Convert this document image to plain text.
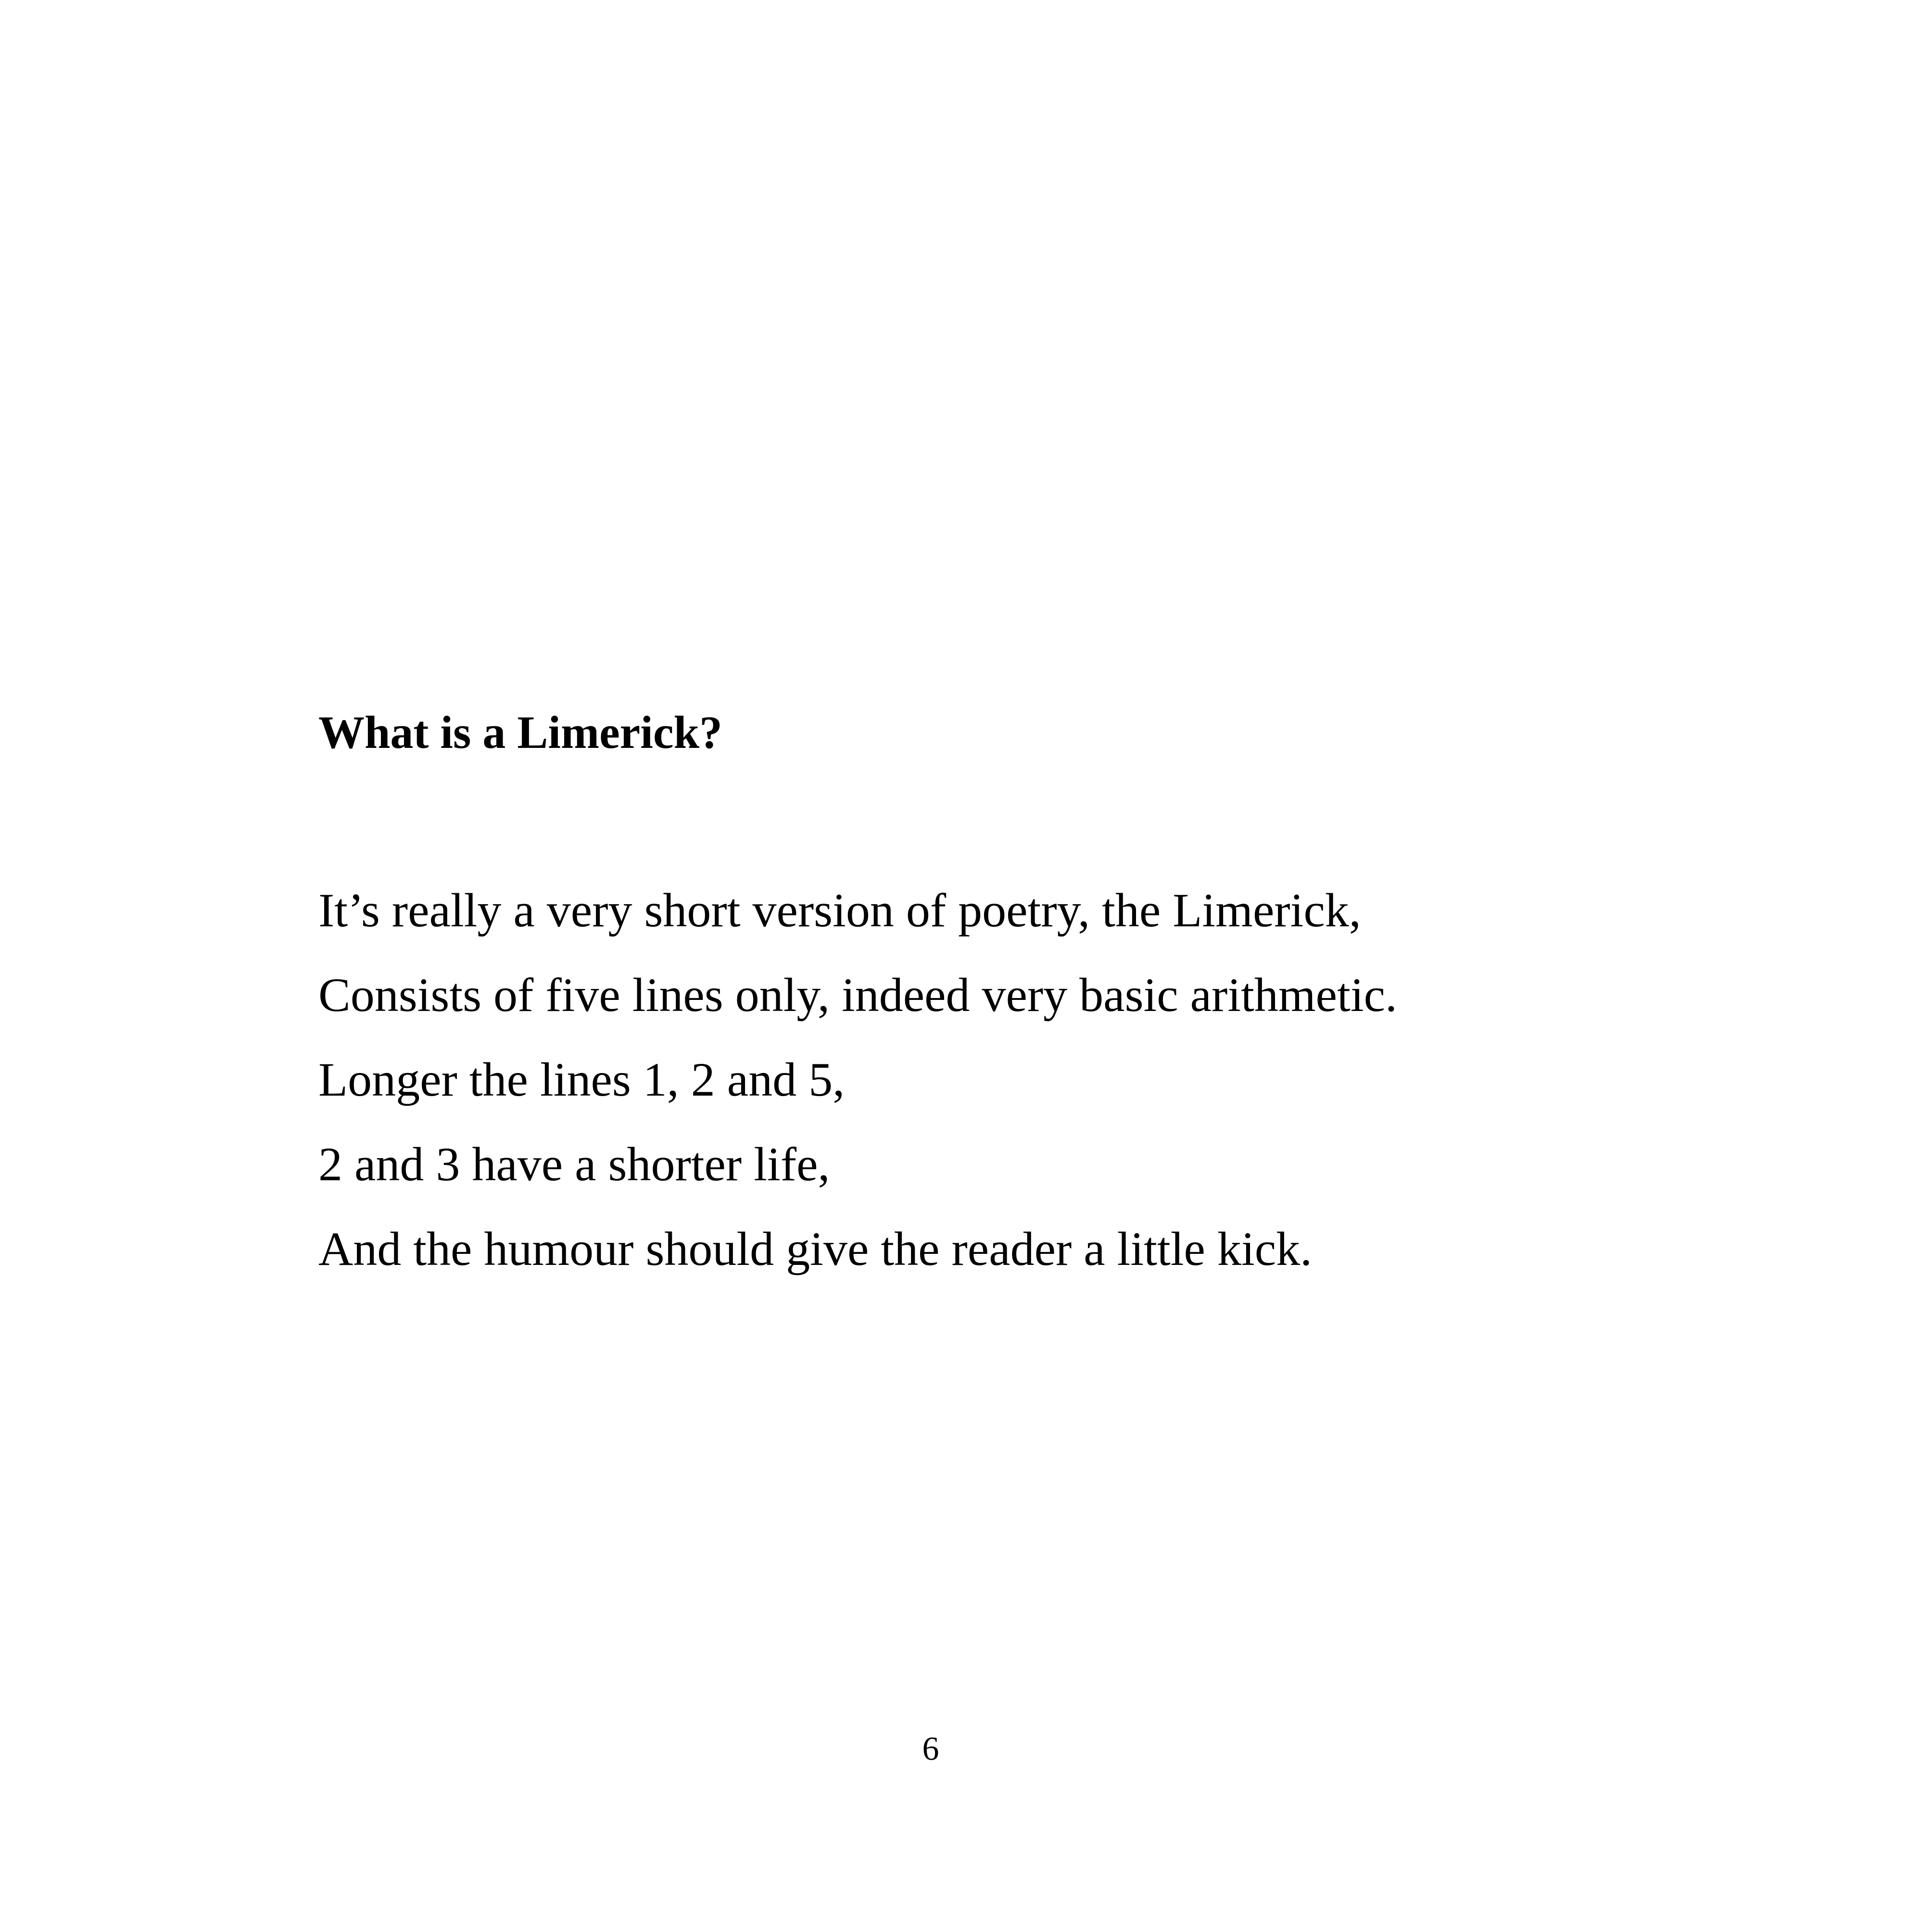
What is a Limerick?
It’s really a very short version of poetry, the Limerick,
Consists of five lines only, indeed very basic arithmetic.
Longer the lines 1, 2 and 5,
2 and 3 have a shorter life,
And the humour should give the reader a little kick.
6
